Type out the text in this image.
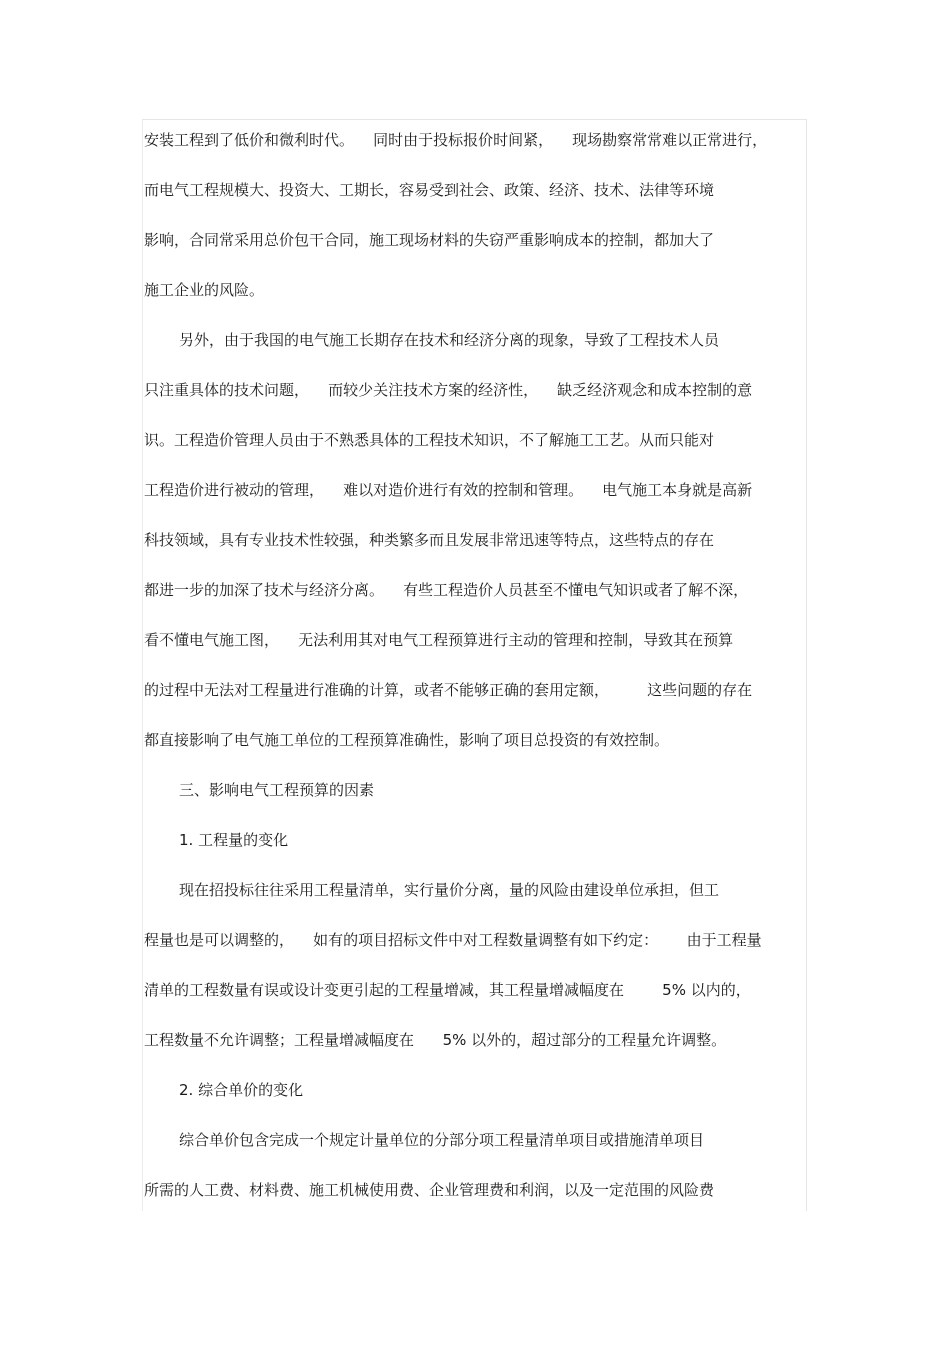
安装工程到了低价和微利时代。    同时由于投标报价时间紧，    现场勘察常常难以正常进行，
而电气工程规模大、投资大、工期长，容易受到社会、政策、经济、技术、法律等环境
影响，合同常采用总价包干合同，施工现场材料的失窃严重影响成本的控制，都加大了
施工企业的风险。
另外，由于我国的电气施工长期存在技术和经济分离的现象，导致了工程技术人员
只注重具体的技术问题，    而较少关注技术方案的经济性，    缺乏经济观念和成本控制的意
识。工程造价管理人员由于不熟悉具体的工程技术知识，不了解施工工艺。从而只能对
工程造价进行被动的管理，    难以对造价进行有效的控制和管理。    电气施工本身就是高新
科技领域，具有专业技术性较强，种类繁多而且发展非常迅速等特点，这些特点的存在
都进一步的加深了技术与经济分离。    有些工程造价人员甚至不懂电气知识或者了解不深，
看不懂电气施工图，    无法利用其对电气工程预算进行主动的管理和控制，导致其在预算
的过程中无法对工程量进行准确的计算，或者不能够正确的套用定额，        这些问题的存在
都直接影响了电气施工单位的工程预算准确性，影响了项目总投资的有效控制。
三、影响电气工程预算的因素
1. 工程量的变化
现在招投标往往采用工程量清单，实行量价分离，量的风险由建设单位承担，但工
程量也是可以调整的，    如有的项目招标文件中对工程数量调整有如下约定：      由于工程量
清单的工程数量有误或设计变更引起的工程量增减，其工程量增减幅度在        5% 以内的，
工程数量不允许调整；工程量增减幅度在      5% 以外的，超过部分的工程量允许调整。
2. 综合单价的变化
综合单价包含完成一个规定计量单位的分部分项工程量清单项目或措施清单项目
所需的人工费、材料费、施工机械使用费、企业管理费和利润，以及一定范围的风险费
